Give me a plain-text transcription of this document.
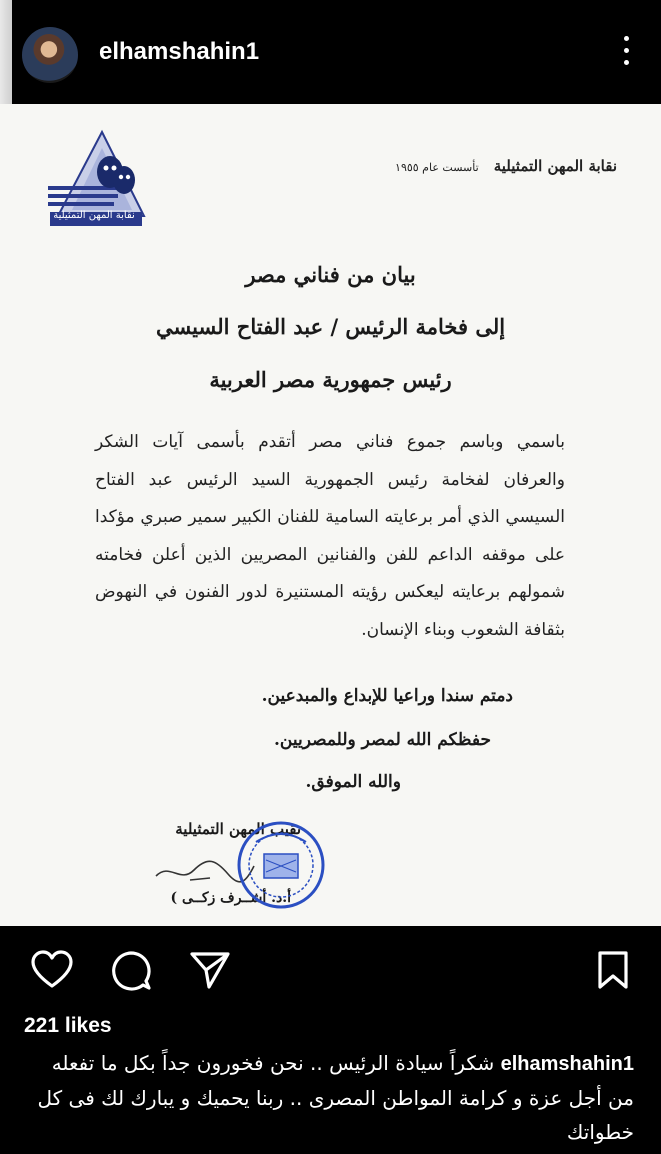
elhamshahin1
نقابة المهن التمثيلية
نقابة المهن التمثيلية تأسست عام ١٩٥٥
بيان من فناني مصر
إلى فخامة الرئيس / عبد الفتاح السيسي
رئيس جمهورية مصر العربية
باسمي وباسم جموع فناني مصر أتقدم بأسمى آيات الشكر والعرفان لفخامة رئيس الجمهورية السيد الرئيس عبد الفتاح السيسي الذي أمر برعايته السامية للفنان الكبير سمير صبري مؤكدا على موقفه الداعم للفن والفنانين المصريين الذين أعلن فخامته شمولهم برعايته ليعكس رؤيته المستنيرة لدور الفنون في النهوض بثقافة الشعوب وبناء الإنسان.
دمتم سندا وراعيا للإبداع والمبدعين.
حفظكم الله لمصر وللمصريين.
والله الموفق.
نقيب المهن التمثيلية
أ.د. أشــرف زكــى )
221 likes
elhamshahin1 شكراً سيادة الرئيس .. نحن فخورون جداً بكل ما تفعله من أجل عزة و كرامة المواطن المصرى .. ربنا يحميك و يبارك لك فى كل خطواتك
